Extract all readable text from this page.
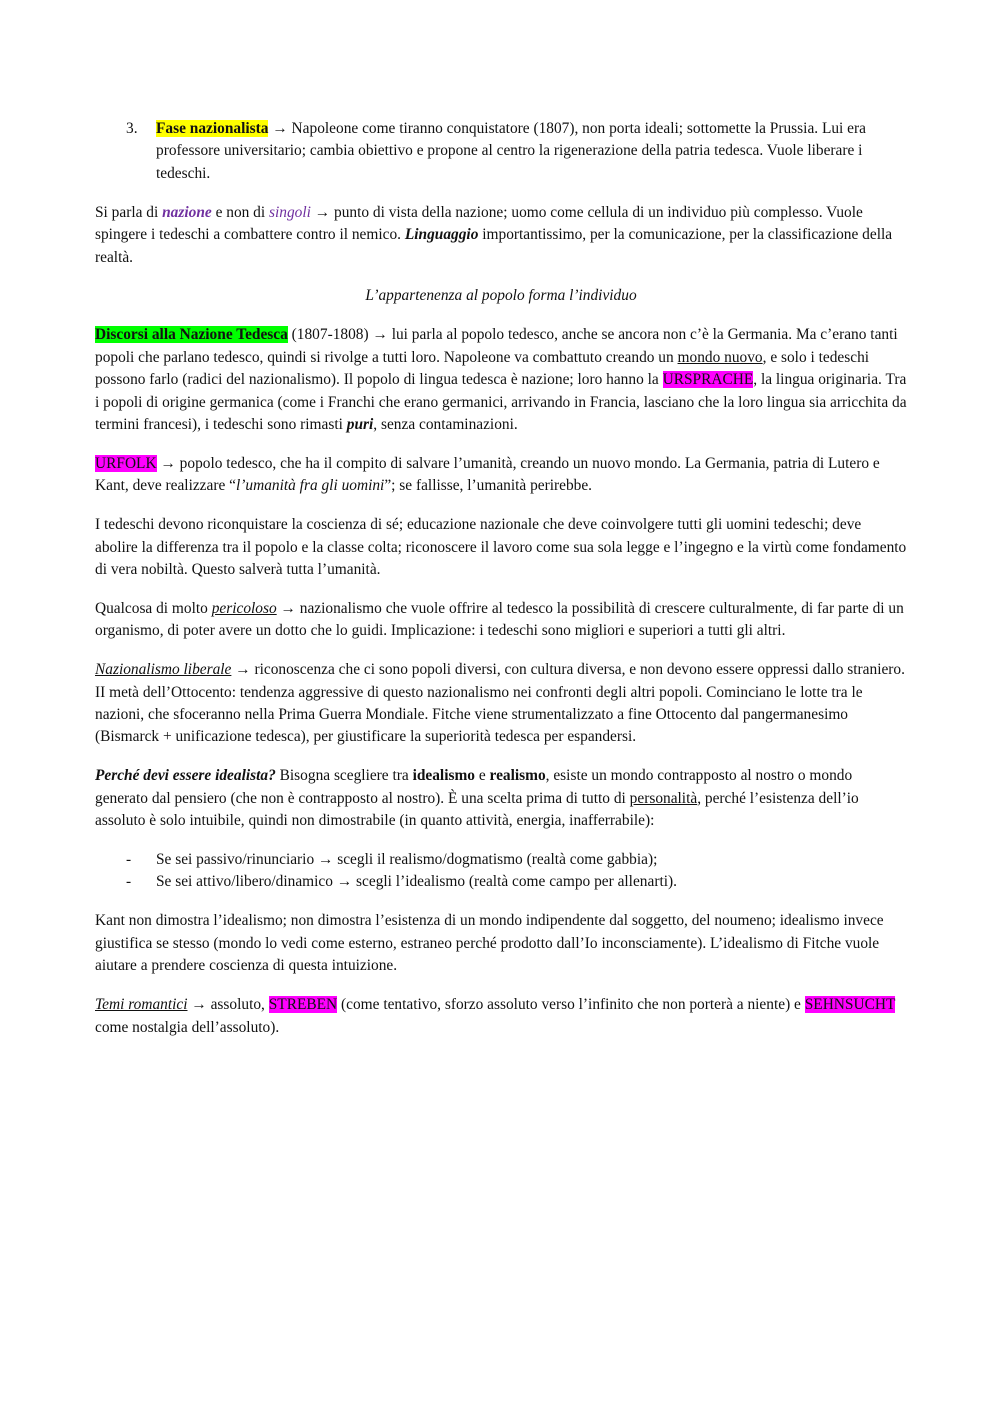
3.	Fase nazionalista → Napoleone come tiranno conquistatore (1807), non porta ideali; sottomette la Prussia. Lui era professore universitario; cambia obiettivo e propone al centro la rigenerazione della patria tedesca. Vuole liberare i tedeschi.

Si parla di nazione e non di singoli → punto di vista della nazione; uomo come cellula di un individuo più complesso. Vuole spingere i tedeschi a combattere contro il nemico. Linguaggio importantissimo, per la comunicazione, per la classificazione della realtà.

L’appartenenza al popolo forma l’individuo

Discorsi alla Nazione Tedesca (1807-1808) → lui parla al popolo tedesco, anche se ancora non c’è la Germania. Ma c’erano tanti popoli che parlano tedesco, quindi si rivolge a tutti loro. Napoleone va combattuto creando un mondo nuovo, e solo i tedeschi possono farlo (radici del nazionalismo). Il popolo di lingua tedesca è nazione; loro hanno la URSPRACHE, la lingua originaria. Tra i popoli di origine germanica (come i Franchi che erano germanici, arrivando in Francia, lasciano che la loro lingua sia arricchita da termini francesi), i tedeschi sono rimasti puri, senza contaminazioni.

URFOLK → popolo tedesco, che ha il compito di salvare l’umanità, creando un nuovo mondo. La Germania, patria di Lutero e Kant, deve realizzare “l’umanità fra gli uomini”; se fallisse, l’umanità perirebbe.

I tedeschi devono riconquistare la coscienza di sé; educazione nazionale che deve coinvolgere tutti gli uomini tedeschi; deve abolire la differenza tra il popolo e la classe colta; riconoscere il lavoro come sua sola legge e l’ingegno e la virtù come fondamento di vera nobiltà. Questo salverà tutta l’umanità.

Qualcosa di molto pericoloso → nazionalismo che vuole offrire al tedesco la possibilità di crescere culturalmente, di far parte di un organismo, di poter avere un dotto che lo guidi. Implicazione: i tedeschi sono migliori e superiori a tutti gli altri.

Nazionalismo liberale → riconoscenza che ci sono popoli diversi, con cultura diversa, e non devono essere oppressi dallo straniero. II metà dell’Ottocento: tendenza aggressive di questo nazionalismo nei confronti degli altri popoli. Cominciano le lotte tra le nazioni, che sfoceranno nella Prima Guerra Mondiale. Fitche viene strumentalizzato a fine Ottocento dal pangermanesimo (Bismarck + unificazione tedesca), per giustificare la superiorità tedesca per espandersi.

Perché devi essere idealista? Bisogna scegliere tra idealismo e realismo, esiste un mondo contrapposto al nostro o mondo generato dal pensiero (che non è contrapposto al nostro). È una scelta prima di tutto di personalità, perché l’esistenza dell’io assoluto è solo intuibile, quindi non dimostrabile (in quanto attività, energia, inafferrabile):

-	Se sei passivo/rinunciario → scegli il realismo/dogmatismo (realtà come gabbia);
-	Se sei attivo/libero/dinamico → scegli l’idealismo (realtà come campo per allenarti).

Kant non dimostra l’idealismo; non dimostra l’esistenza di un mondo indipendente dal soggetto, del noumeno; idealismo invece giustifica se stesso (mondo lo vedi come esterno, estraneo perché prodotto dall’Io inconsciamente). L’idealismo di Fitche vuole aiutare a prendere coscienza di questa intuizione.

Temi romantici → assoluto, STREBEN (come tentativo, sforzo assoluto verso l’infinito che non porterà a niente) e SEHNSUCHT come nostalgia dell’assoluto).
